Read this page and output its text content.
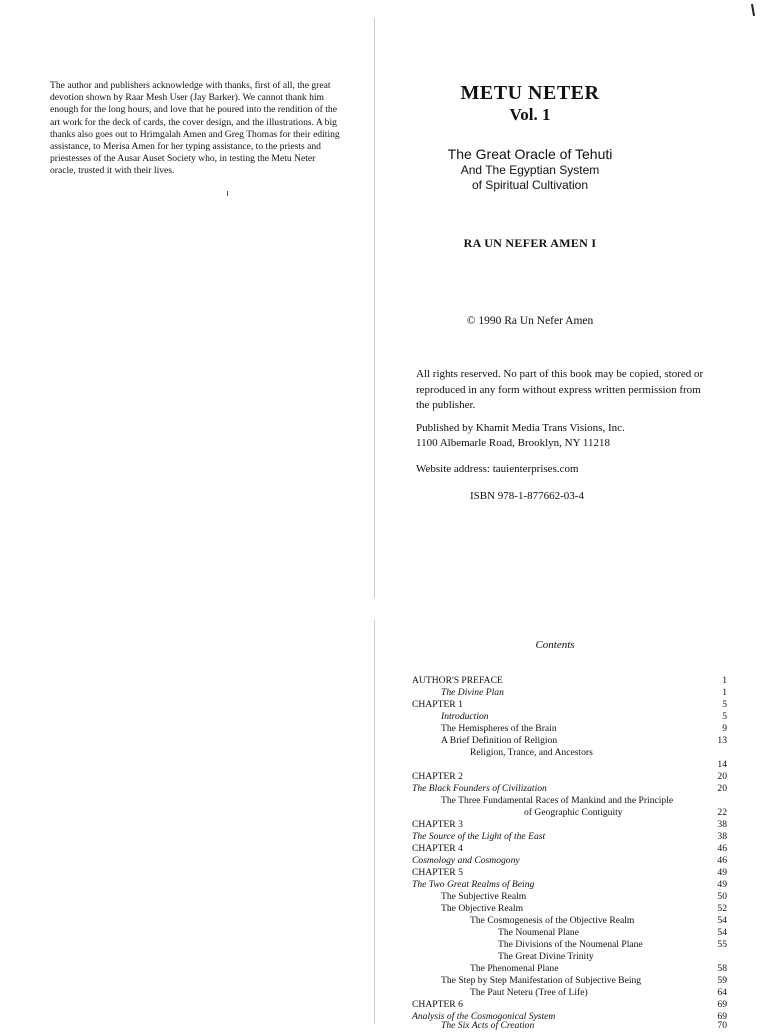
The author and publishers acknowledge with thanks, first of all, the great devotion shown by Raar Mesh User (Jay Barker). We cannot thank him enough for the long hours, and love that he poured into the rendition of the art work for the deck of cards, the cover design, and the illustrations. A big thanks also goes out to Hrimgalah Amen and Greg Thomas for their editing assistance, to Merisa Amen for her typing assistance, to the priests and priestesses of the Ausar Auset Society who, in testing the Metu Neter oracle, trusted it with their lives.
METU NETER
Vol. 1
The Great Oracle of Tehuti
And The Egyptian System
of Spiritual Cultivation
RA UN NEFER AMEN I
© 1990 Ra Un Nefer Amen
All rights reserved. No part of this book may be copied, stored or reproduced in any form without express written permission from the publisher.
Published by Khamit Media Trans Visions, Inc.
1100 Albemarle Road, Brooklyn, NY 11218
Website address: tauienterprises.com
ISBN 978-1-877662-03-4
Contents
AUTHOR'S PREFACE	1
The Divine Plan	1
CHAPTER 1	5
Introduction	5
The Hemispheres of the Brain	9
A Brief Definition of Religion	13
Religion, Trance, and Ancestors
14
CHAPTER 2	20
The Black Founders of Civilization	20
The Three Fundamental Races of Mankind and the Principle
of Geographic Contiguity	22
CHAPTER 3	38
The Source of the Light of the East	38
CHAPTER 4	46
Cosmology and Cosmogony	46
CHAPTER 5	49
The Two Great Realms of Being	49
The Subjective Realm	50
The Objective Realm	52
The Cosmogenesis of the Objective Realm	54
The Noumenal Plane	54
The Divisions of the Noumenal Plane	55
The Great Divine Trinity
The Phenomenal Plane	58
The Step by Step Manifestation of Subjective Being	59
The Paut Neteru (Tree of Life)	64
CHAPTER 6	69
Analysis of the Cosmogonical System	69
The Six Acts of Creation	70
